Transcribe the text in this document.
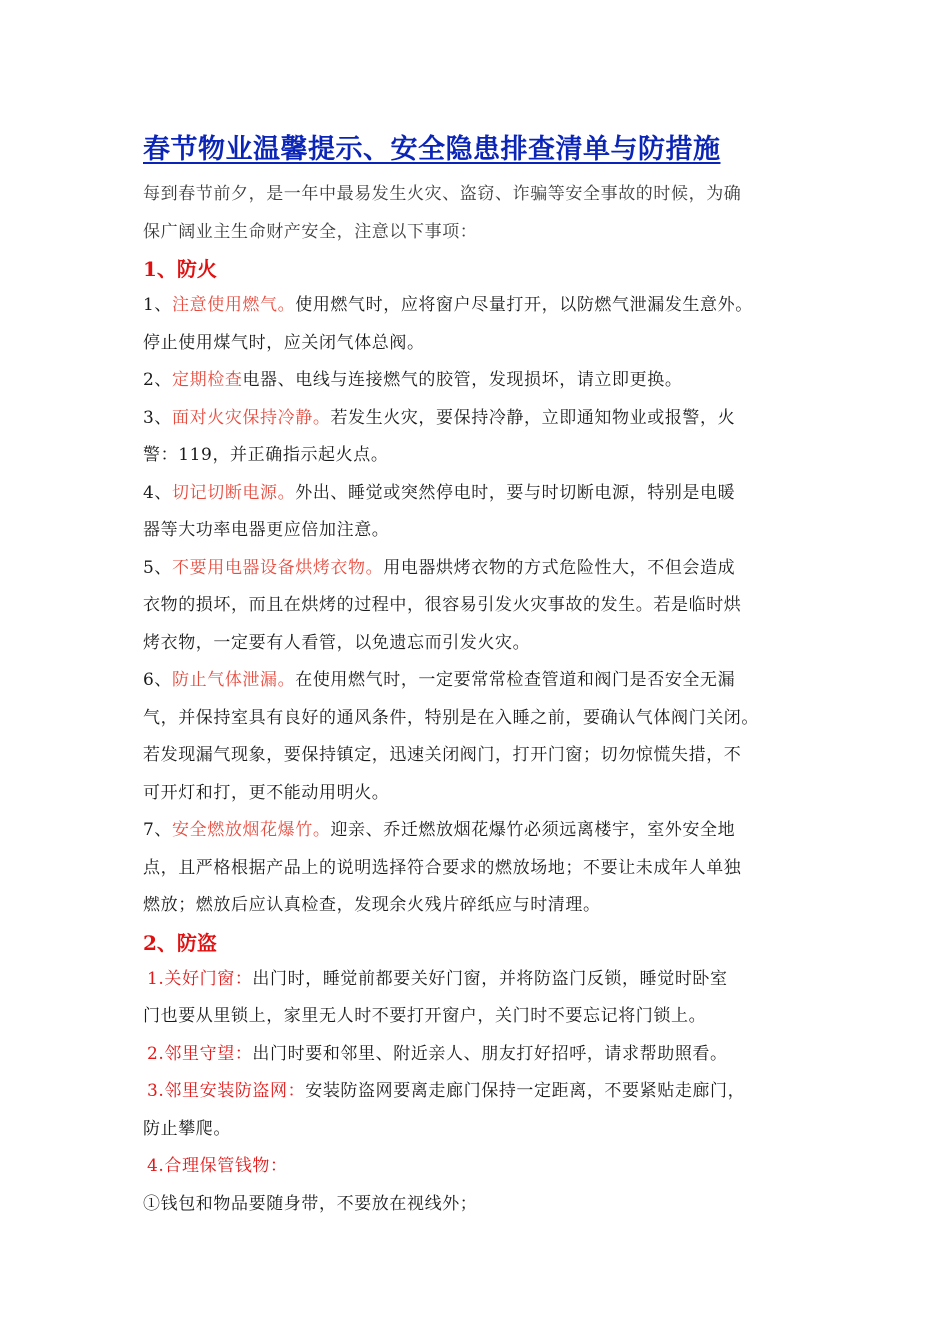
春节物业温馨提示、安全隐患排查清单与防措施
每到春节前夕，是一年中最易发生火灾、盗窃、诈骗等安全事故的时候，为确
保广阔业主生命财产安全，注意以下事项：
1、防火
1、注意使用燃气。使用燃气时，应将窗户尽量打开，以防燃气泄漏发生意外。
停止使用煤气时，应关闭气体总阀。
2、定期检查电器、电线与连接燃气的胶管，发现损坏，请立即更换。
3、面对火灾保持冷静。若发生火灾，要保持冷静，立即通知物业或报警，火
警：119，并正确指示起火点。
4、切记切断电源。外出、睡觉或突然停电时，要与时切断电源，特别是电暖
器等大功率电器更应倍加注意。
5、不要用电器设备烘烤衣物。用电器烘烤衣物的方式危险性大，不但会造成
衣物的损坏，而且在烘烤的过程中，很容易引发火灾事故的发生。若是临时烘
烤衣物，一定要有人看管，以免遗忘而引发火灾。
6、防止气体泄漏。在使用燃气时，一定要常常检查管道和阀门是否安全无漏
气，并保持室具有良好的通风条件，特别是在入睡之前，要确认气体阀门关闭。
若发现漏气现象，要保持镇定，迅速关闭阀门，打开门窗；切勿惊慌失措，不
可开灯和打，更不能动用明火。
7、安全燃放烟花爆竹。迎亲、乔迁燃放烟花爆竹必须远离楼宇，室外安全地
点，且严格根据产品上的说明选择符合要求的燃放场地；不要让未成年人单独
燃放；燃放后应认真检查，发现余火残片碎纸应与时清理。
2、防盗
1.关好门窗：出门时，睡觉前都要关好门窗，并将防盗门反锁，睡觉时卧室
门也要从里锁上，家里无人时不要打开窗户，关门时不要忘记将门锁上。
2.邻里守望：出门时要和邻里、附近亲人、朋友打好招呼，请求帮助照看。
3.邻里安装防盗网：安装防盗网要离走廊门保持一定距离，不要紧贴走廊门，
防止攀爬。
4.合理保管钱物：
①钱包和物品要随身带，不要放在视线外；
